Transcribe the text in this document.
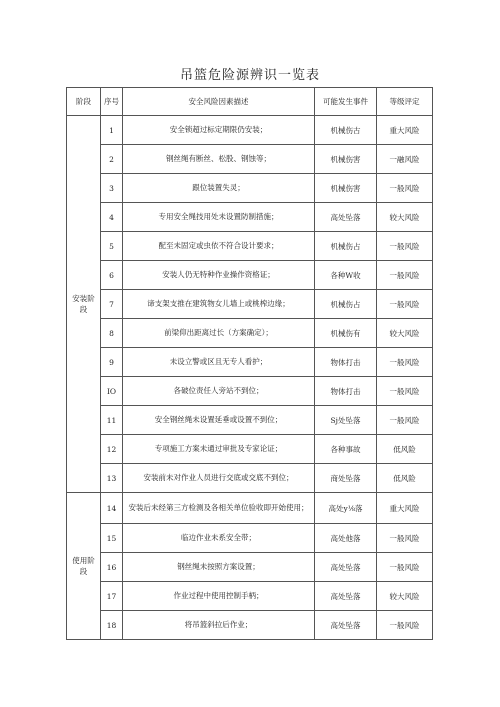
吊篮危险源辨识一览表
阶段	序号	安全风险因素描述	可能发生事件	等级评定
安装阶段	1	安全锁超过标定期限仍安装；	机械伤古	重大风险
	2	钢丝绳有断丝、松股、钢蚀等；	机械伤害	一融风险
	3	跟位装置失灵；	机械伤害	一般风险
	4	专用安全绳技用处未设置防制措施；	高处坠落	较大风险
	5	配至未固定或虫依不符合设计要求；	机械伤占	一般风险
	6	安装人仍无特种作业操作资格证；	各种W收	一般风险
	7	谛支架支推在建筑物女儿墙上或桃榨边缘；	机械伤占	一般风险
	8	前梁仰出距离过长（方案确定）；	机械伤有	较大风险
	9	未设立警或区且无专人看护；	物体打击	一般风险
	IO	各破位责任人旁站不到位；	物体打击	一般风险
	11	安全钢丝绳未设置延垂或设置不到位；	Sj处坠落	一般风险
	12	专项施工方案未通过审批及专家论证；	各种事故	低风险
	13	安装前未对作业人员进行交底或交底不到位；	商处坠落	低风险
使用阶段	14	安装后未经第三方检测及各相关单位验收即开始使用；	高处y⅛落	重大风险
	15	临边作业未系安全带；	高处他落	一般风险
	16	钢丝绳未按照方案设置；	高处坠落	一般风险
	17	作业过程中使用控制手柄；	高处坠落	较大风险
	18	将吊篮斜拉后作业；	高处坠落	一般风险
